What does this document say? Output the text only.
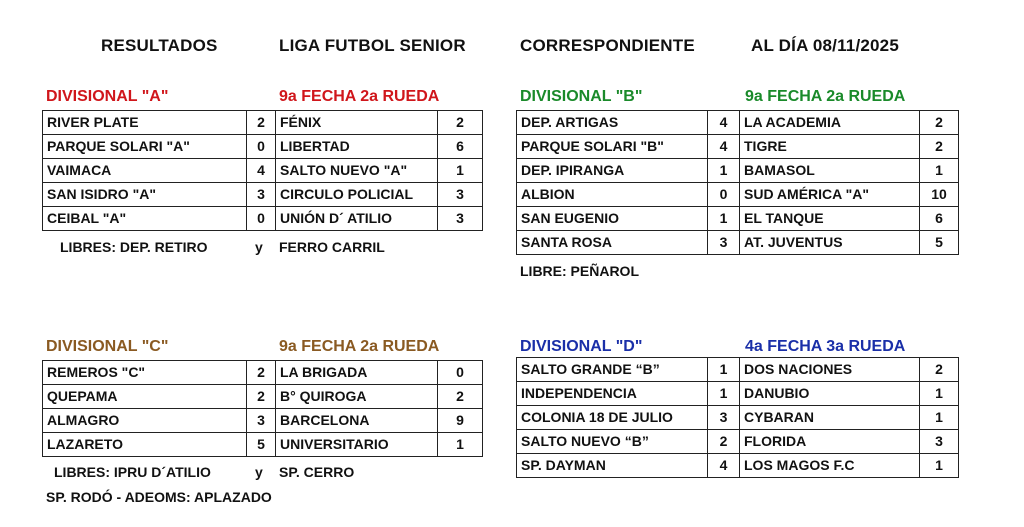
RESULTADOS	LIGA FUTBOL SENIOR	CORRESPONDIENTE	AL DÍA 08/11/2025
DIVISIONAL "A"	9a FECHA 2a RUEDA
RIVER PLATE	2	FÉNIX	2
PARQUE SOLARI "A"	0	LIBERTAD	6
VAIMACA	4	SALTO NUEVO "A"	1
SAN ISIDRO "A"	3	CIRCULO POLICIAL	3
CEIBAL "A"	0	UNIÓN D´ ATILIO	3
LIBRES: DEP. RETIRO	y FERRO CARRIL
DIVISIONAL "B"	9a FECHA 2a RUEDA
DEP. ARTIGAS	4	LA ACADEMIA	2
PARQUE SOLARI "B"	4	TIGRE	2
DEP. IPIRANGA	1	BAMASOL	1
ALBION	0	SUD AMÉRICA "A"	10
SAN EUGENIO	1	EL TANQUE	6
SANTA ROSA	3	AT. JUVENTUS	5
LIBRE: PEÑAROL
DIVISIONAL "C"	9a FECHA 2a RUEDA
REMEROS "C"	2	LA BRIGADA	0
QUEPAMA	2	B° QUIROGA	2
ALMAGRO	3	BARCELONA	9
LAZARETO	5	UNIVERSITARIO	1
LIBRES: IPRU D´ATILIO	y SP. CERRO
SP. RODÓ - ADEOMS: APLAZADO
DIVISIONAL "D"	4a FECHA 3a RUEDA
SALTO GRANDE “B”	1	DOS NACIONES	2
INDEPENDENCIA	1	DANUBIO	1
COLONIA 18 DE JULIO	3	CYBARAN	1
SALTO NUEVO “B”	2	FLORIDA	3
SP. DAYMAN	4	LOS MAGOS F.C	1
